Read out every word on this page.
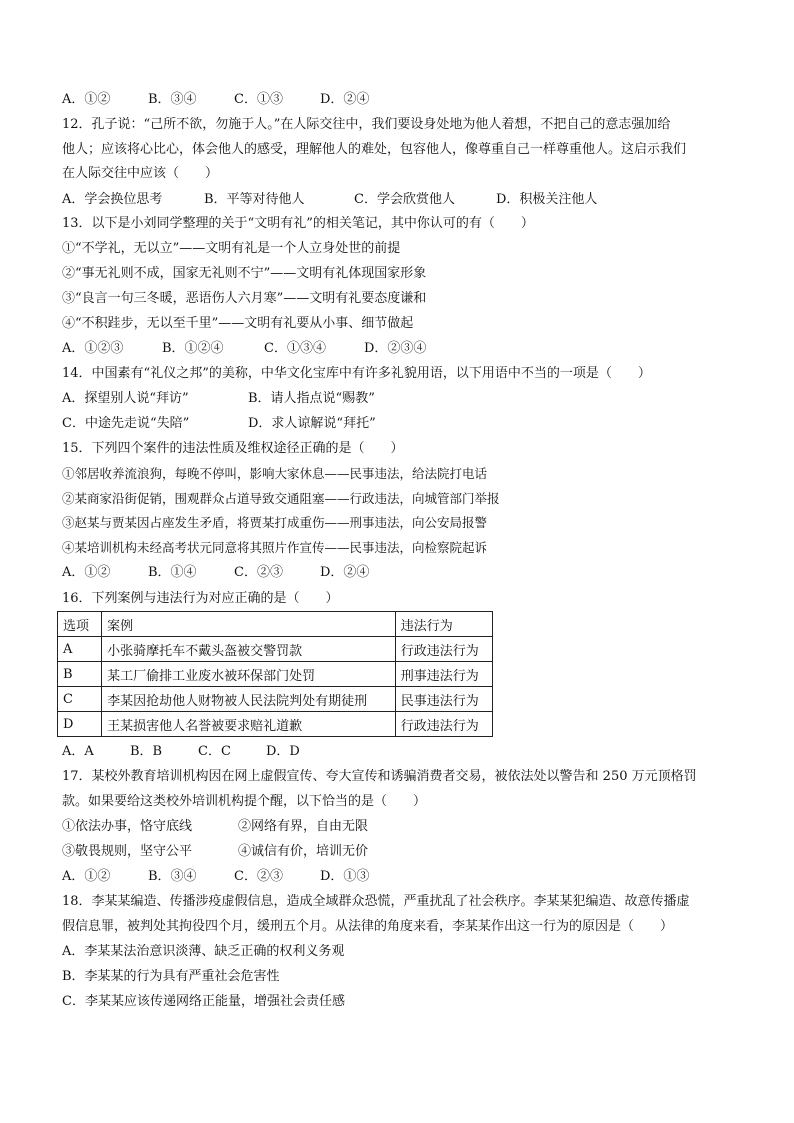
A．①②	B．③④	C．①③	D．②④
12．孔子说：“己所不欲，勿施于人。”在人际交往中，我们要设身处地为他人着想，不把自己的意志强加给
他人；应该将心比心，体会他人的感受，理解他人的难处，包容他人，像尊重自己一样尊重他人。这启示我们
在人际交往中应该（　　）
A．学会换位思考	B．平等对待他人	C．学会欣赏他人	D．积极关注他人
13．以下是小刘同学整理的关于“文明有礼”的相关笔记，其中你认可的有（　　）
①“不学礼，无以立”——文明有礼是一个人立身处世的前提
②“事无礼则不成，国家无礼则不宁”——文明有礼体现国家形象
③“良言一句三冬暖，恶语伤人六月寒”——文明有礼要态度谦和
④“不积跬步，无以至千里”——文明有礼要从小事、细节做起
A．①②③	B．①②④	C．①③④	D．②③④
14．中国素有“礼仪之邦”的美称，中华文化宝库中有许多礼貌用语，以下用语中不当的一项是（　　）
A．探望别人说“拜访”	B．请人指点说“赐教”
C．中途先走说“失陪”	D．求人谅解说“拜托”
15．下列四个案件的违法性质及维权途径正确的是（　　）
①邻居收养流浪狗，每晚不停叫，影响大家休息——民事违法，给法院打电话
②某商家沿街促销，围观群众占道导致交通阻塞——行政违法，向城管部门举报
③赵某与贾某因占座发生矛盾，将贾某打成重伤——刑事违法，向公安局报警
④某培训机构未经高考状元同意将其照片作宣传——民事违法，向检察院起诉
A．①②	B．①④	C．②③	D．②④
16．下列案例与违法行为对应正确的是（　　）
选项	案例	违法行为
A	小张骑摩托车不戴头盔被交警罚款	行政违法行为
B	某工厂偷排工业废水被环保部门处罚	刑事违法行为
C	李某因抢劫他人财物被人民法院判处有期徒刑	民事违法行为
D	王某损害他人名誉被要求赔礼道歉	行政违法行为
A．A	B．B	C．C	D．D
17．某校外教育培训机构因在网上虚假宣传、夸大宣传和诱骗消费者交易，被依法处以警告和 250 万元顶格罚
款。如果要给这类校外培训机构提个醒，以下恰当的是（　　）
①依法办事，恪守底线	②网络有界，自由无限
③敬畏规则，坚守公平	④诚信有价，培训无价
A．①②	B．③④	C．②③	D．①③
18．李某某编造、传播涉疫虚假信息，造成全域群众恐慌，严重扰乱了社会秩序。李某某犯编造、故意传播虚
假信息罪，被判处其拘役四个月，缓刑五个月。从法律的角度来看，李某某作出这一行为的原因是（　　）
A．李某某法治意识淡薄、缺乏正确的权利义务观
B．李某某的行为具有严重社会危害性
C．李某某应该传递网络正能量，增强社会责任感
